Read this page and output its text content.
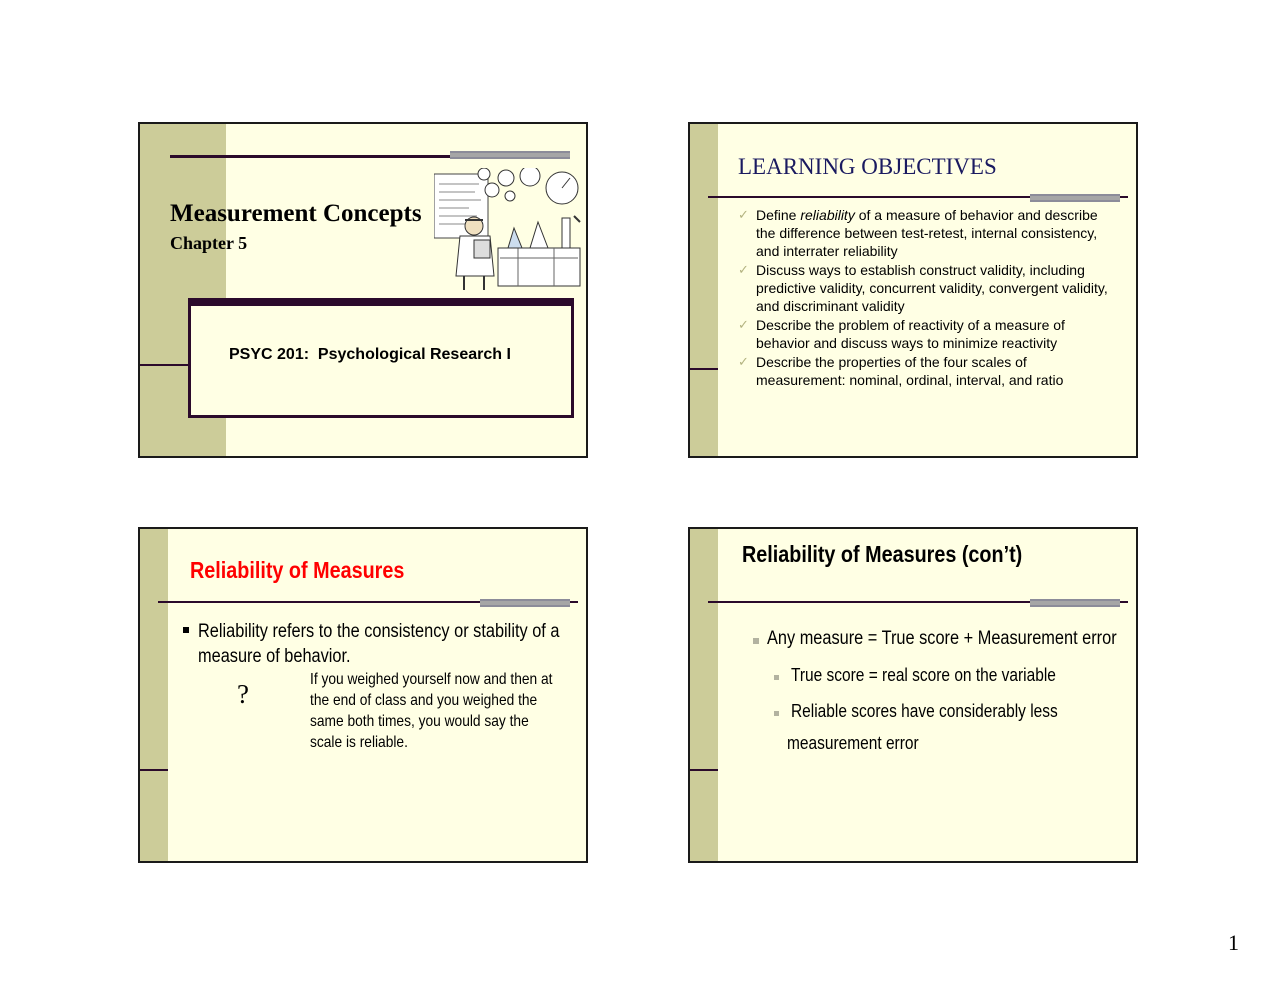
Measurement Concepts
Chapter 5
PSYC 201:  Psychological Research I
LEARNING OBJECTIVES
✓ Define reliability of a measure of behavior and describe the difference between test-retest, internal consistency, and interrater reliability
✓ Discuss ways to establish construct validity, including predictive validity, concurrent validity, convergent validity, and discriminant validity
✓ Describe the problem of reactivity of a measure of behavior and discuss ways to minimize reactivity
✓ Describe the properties of the four scales of measurement: nominal, ordinal, interval, and ratio
Reliability of Measures
Reliability refers to the consistency or stability of a
measure of behavior.
?	If you weighed yourself now and then at
the end of class and you weighed the
same both times, you would say the
scale is reliable.
Reliability of Measures (con’t)
Any measure = True score + Measurement error
True score = real score on the variable
Reliable scores have considerably less
measurement error
1
